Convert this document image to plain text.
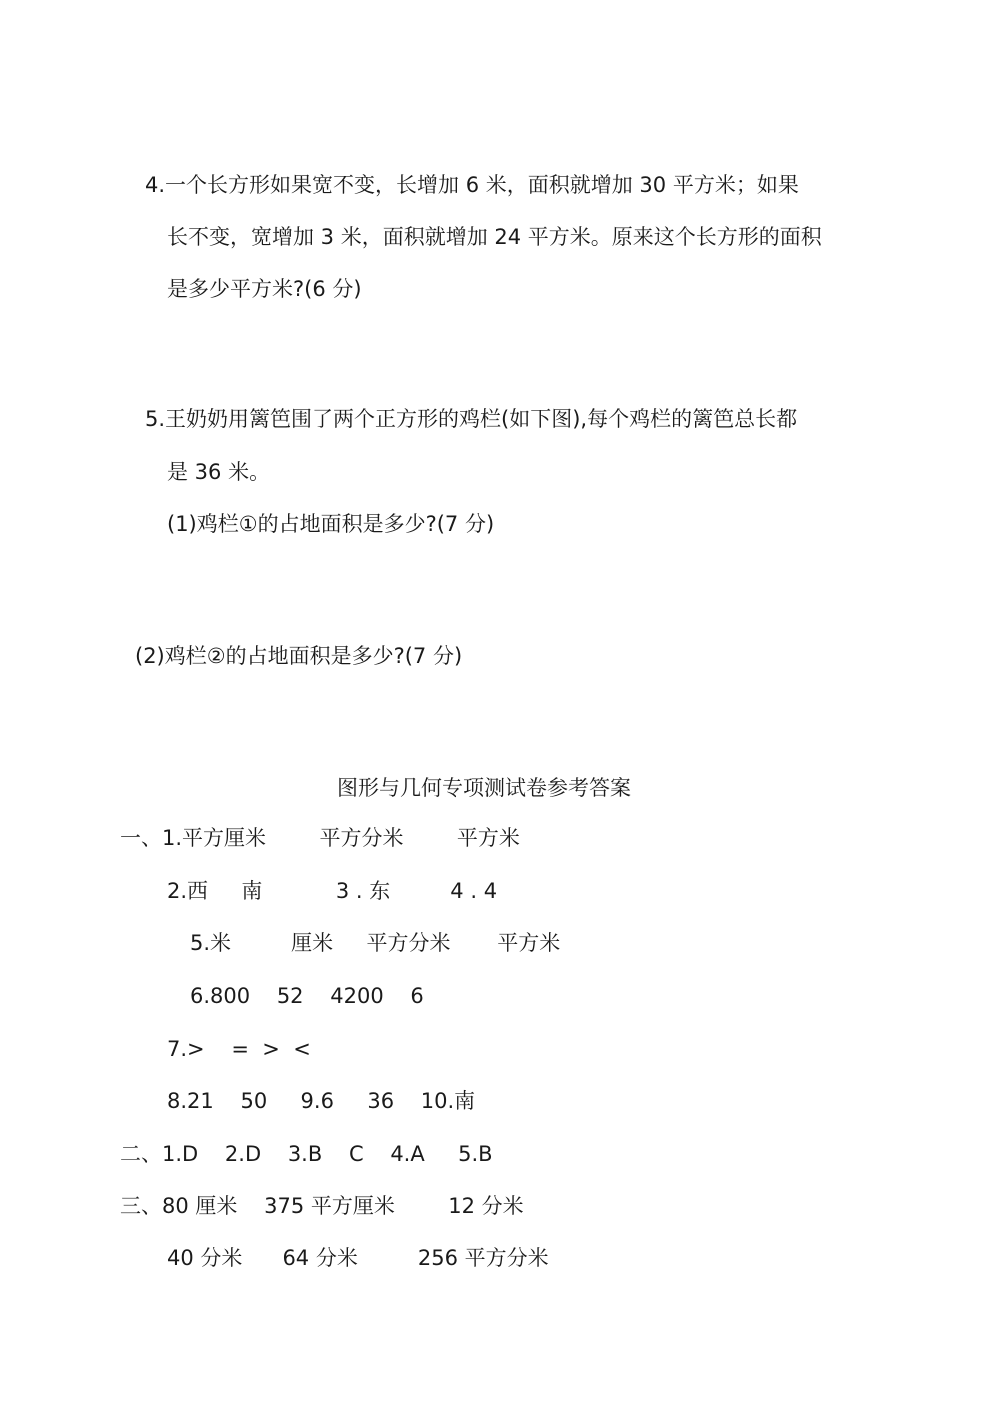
4.一个长方形如果宽不变，长增加 6 米，面积就增加 30 平方米；如果
长不变，宽增加 3 米，面积就增加 24 平方米。原来这个长方形的面积
是多少平方米?(6 分)
5.王奶奶用篱笆围了两个正方形的鸡栏(如下图),每个鸡栏的篱笆总长都
是 36 米。
(1)鸡栏①的占地面积是多少?(7 分)
(2)鸡栏②的占地面积是多少?(7 分)
图形与几何专项测试卷参考答案
一、1.平方厘米        平方分米        平方米
2.西     南           3 . 东         4 . 4
5.米         厘米     平方分米       平方米
6.800    52    4200    6
7.>    =  >  <
8.21    50     9.6     36    10.南
二、1.D    2.D    3.B    C    4.A     5.B
三、80 厘米    375 平方厘米        12 分米
40 分米      64 分米         256 平方分米
